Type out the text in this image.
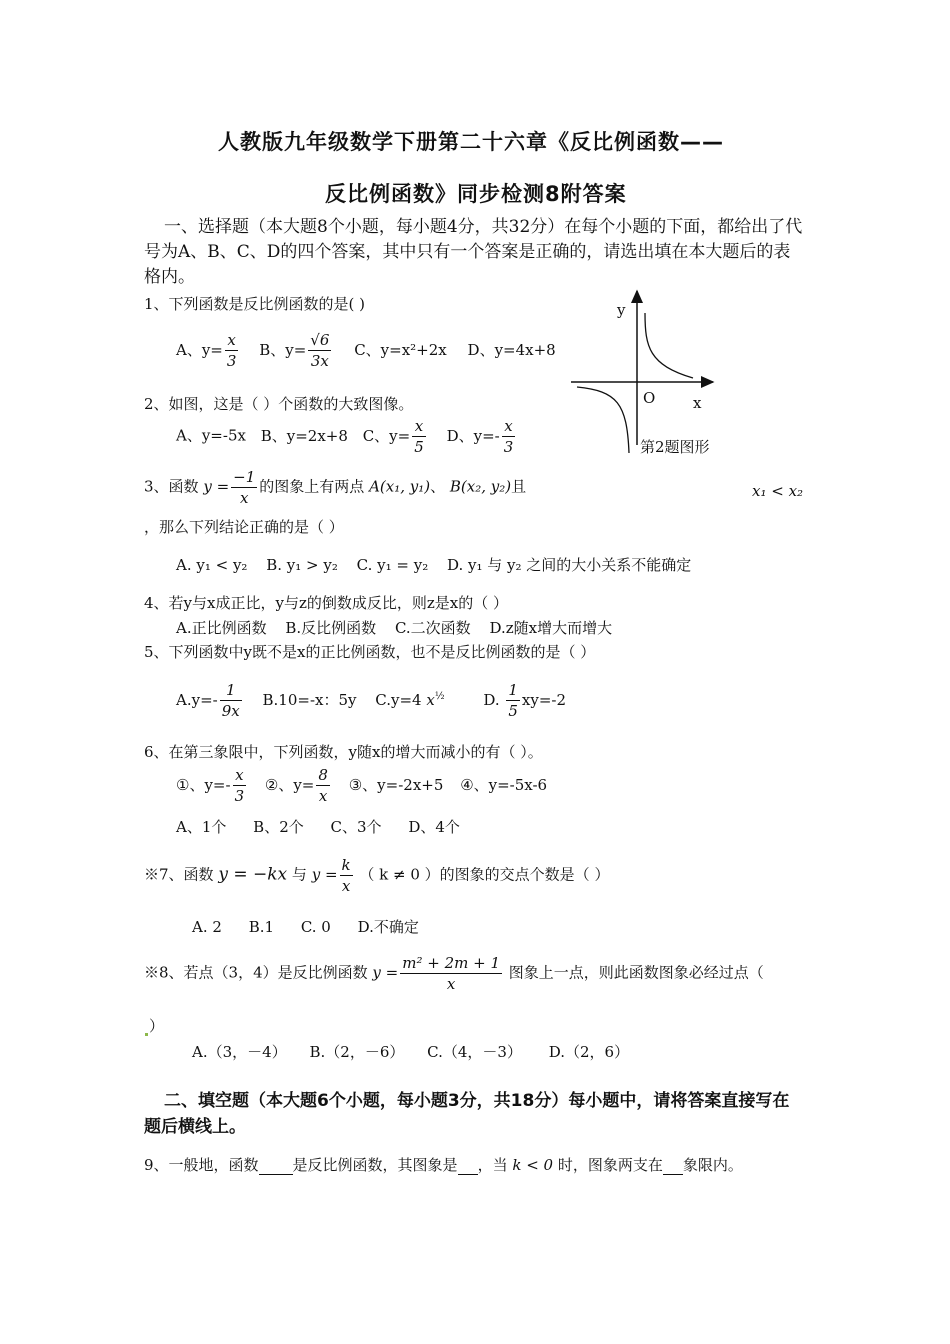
人教版九年级数学下册第二十六章《反比例函数——
反比例函数》同步检测8附答案
一、选择题（本大题8个小题，每小题4分，共32分）在每个小题的下面，都给出了代号为A、B、C、D的四个答案，其中只有一个答案是正确的，请选出填在本大题后的表格内。
1、下列函数是反比例函数的是( )
A、$y= \frac{x}{3}$ B、$y= \frac{√6}{3x}$ C、y=x²+2x D、y=4x+8
y
O	x
第2题图形
2、如图，这是（ ）个函数的大致图像。
A、y=-5x B、y=2x+8 C、$y= \frac{x}{5}$ D、$y=- \frac{x}{3}$
3、函数 $y = \frac{-1}{x}$ 的图象上有两点 A(x₁, y₁)、 B(x₂, y₂)且	x₁ < x₂
，那么下列结论正确的是（ ）
A. y₁ < y₂ B. y₁ > y₂ C. y₁ = y₂ D. y₁ 与 y₂ 之间的大小关系不能确定
4、若y与x成正比，y与z的倒数成反比，则z是x的（ ）
A.正比例函数 B.反比例函数 C.二次函数 D.z随x增大而增大
5、下列函数中y既不是x的正比例函数，也不是反比例函数的是（ ）
$A.y=- \frac{1}{9x} B.10=-x$：5y C.y=4 $x^{\frac{1}{2}}$	D. $\frac{1}{5} xy=-2$
6、在第三象限中，下列函数，y随x的增大而减小的有（ ）。
①、$y=- \frac{x}{3}$ ②、$y= \frac{8}{x}$ ③、y=-2x+5 ④、y=-5x-6
A、1个 B、2个 C、3个 D、4个
※7、函数 y = −kx 与 $y = \frac{k}{x}$ （ k ≠ 0 ）的图象的交点个数是（ ）
A. 2 B.1 C. 0 D.不确定
※8、若点（3，4）是反比例函数 $y = \frac{\text{m² + 2m + 1}}{x}$ 图象上一点，则此函数图象必经过点（
）
A.（3，－4） B.（2，－6） C.（4，－3） D.（2，6）
二、填空题（本大题6个小题，每小题3分，共18分）每小题中，请将答案直接写在题后横线上。
9、一般地，函数 是反比例函数，其图象是 ，当 k < 0 时，图象两支在 象限内。
